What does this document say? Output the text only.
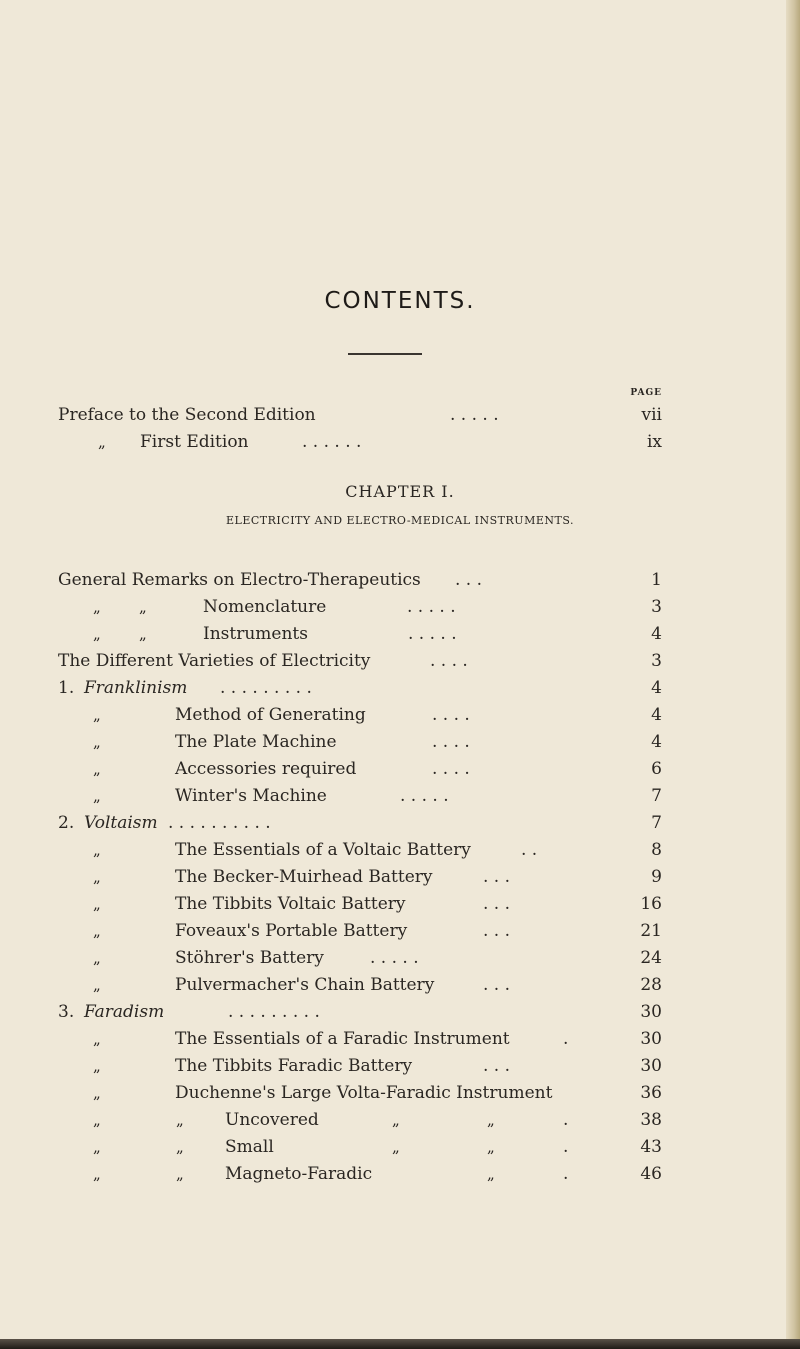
CONTENTS.
PAGE
Preface to the Second Edition	. . . . .	vii
„ First Edition	. . . . . .	ix
CHAPTER I.
ELECTRICITY AND ELECTRO-MEDICAL INSTRUMENTS.
General Remarks on Electro-Therapeutics . . .	1
„	„	Nomenclature	. . . . .	3
„	„	Instruments	. . . . .	4
The Different Varieties of Electricity	. . . .	3
1. Franklinism . . . . . . . . .	4
„	Method of Generating	. . . .	4
„	The Plate Machine	. . . .	4
„	Accessories required	. . . .	6
„	Winter's Machine	. . . . .	7
2. Voltaism . . . . . . . . . .	7
„	The Essentials of a Voltaic Battery	. .	8
„	The Becker-Muirhead Battery	. . .	9
„	The Tibbits Voltaic Battery	. . .	16
„	Foveaux's Portable Battery	. . .	21
„	Stöhrer's Battery	. . . . .	24
„	Pulvermacher's Chain Battery	. . .	28
3. Faradism	. . . . . . . . .	30
„	The Essentials of a Faradic Instrument	.	30
„	The Tibbits Faradic Battery	. . .	30
„	Duchenne's Large Volta-Faradic Instrument	36
„	„ Uncovered	„	„	.	38
„	„ Small	„	„	.	43
„	„ Magneto-Faradic	„	.	46
